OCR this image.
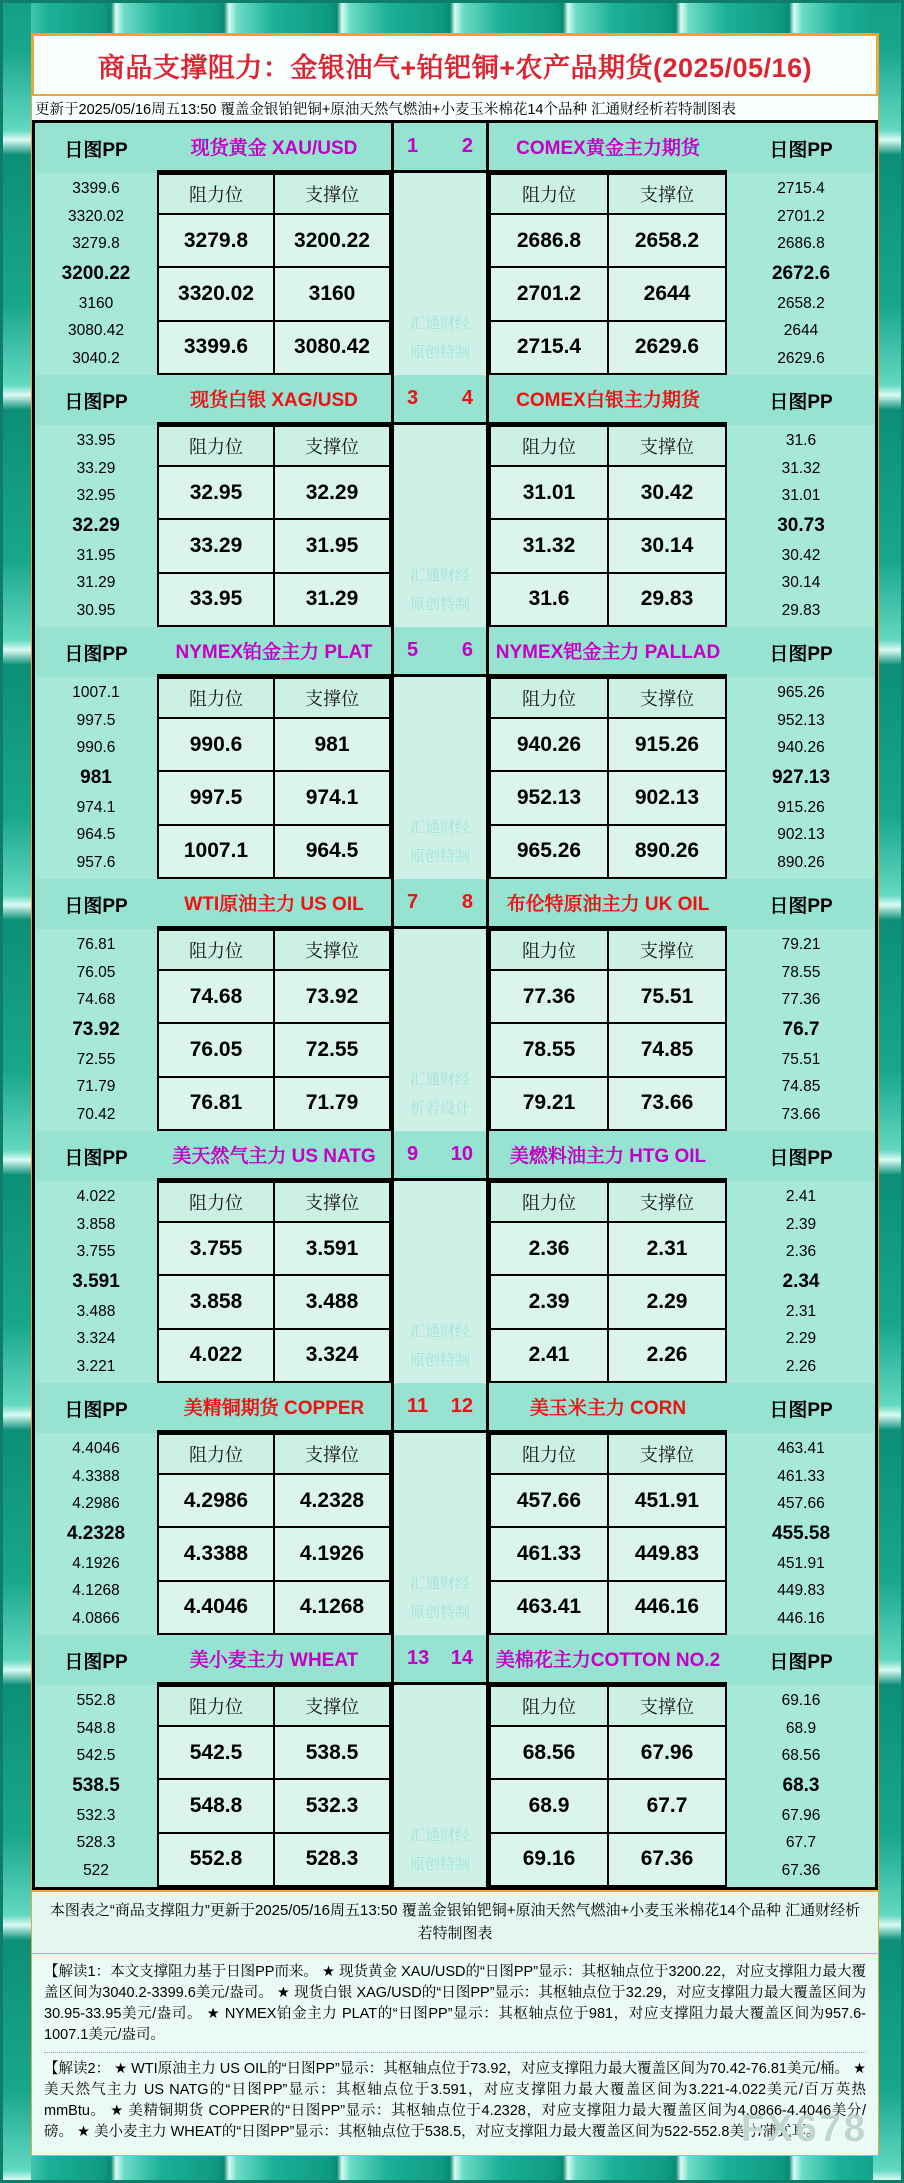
商品支撑阻力：金银油气+铂钯铜+农产品期货(2025/05/16)
更新于2025/05/16周五13:50 覆盖金银铂钯铜+原油天然气燃油+小麦玉米棉花14个品种 汇通财经析若特制图表
日图PP	现货黄金 XAU/USD	1 2	COMEX黄金主力期货	日图PP
3399.6
3320.02
3279.8
3200.22
3160
3080.42
3040.2
阻力位	支撑位
3279.8	3200.22
3320.02	3160
3399.6	3080.42
汇通财经
原创特制
阻力位	支撑位
2686.8	2658.2
2701.2	2644
2715.4	2629.6
2715.4
2701.2
2686.8
2672.6
2658.2
2644
2629.6
日图PP	现货白银 XAG/USD	3 4	COMEX白银主力期货	日图PP
33.95
33.29
32.95
32.29
31.95
31.29
30.95
阻力位	支撑位
32.95	32.29
33.29	31.95
33.95	31.29
汇通财经
原创特制
阻力位	支撑位
31.01	30.42
31.32	30.14
31.6	29.83
31.6
31.32
31.01
30.73
30.42
30.14
29.83
日图PP	NYMEX铂金主力 PLAT	5 6	NYMEX钯金主力 PALLAD	日图PP
1007.1
997.5
990.6
981
974.1
964.5
957.6
阻力位	支撑位
990.6	981
997.5	974.1
1007.1	964.5
汇通财经
原创特制
阻力位	支撑位
940.26	915.26
952.13	902.13
965.26	890.26
965.26
952.13
940.26
927.13
915.26
902.13
890.26
日图PP	WTI原油主力 US OIL	7 8	布伦特原油主力 UK OIL	日图PP
76.81
76.05
74.68
73.92
72.55
71.79
70.42
阻力位	支撑位
74.68	73.92
76.05	72.55
76.81	71.79
汇通财经
析若设计
阻力位	支撑位
77.36	75.51
78.55	74.85
79.21	73.66
79.21
78.55
77.36
76.7
75.51
74.85
73.66
日图PP	美天然气主力 US NATG	9 10	美燃料油主力 HTG OIL	日图PP
4.022
3.858
3.755
3.591
3.488
3.324
3.221
阻力位	支撑位
3.755	3.591
3.858	3.488
4.022	3.324
汇通财经
原创特制
阻力位	支撑位
2.36	2.31
2.39	2.29
2.41	2.26
2.41
2.39
2.36
2.34
2.31
2.29
2.26
日图PP	美精铜期货 COPPER	11 12	美玉米主力 CORN	日图PP
4.4046
4.3388
4.2986
4.2328
4.1926
4.1268
4.0866
阻力位	支撑位
4.2986	4.2328
4.3388	4.1926
4.4046	4.1268
汇通财经
原创特制
阻力位	支撑位
457.66	451.91
461.33	449.83
463.41	446.16
463.41
461.33
457.66
455.58
451.91
449.83
446.16
日图PP	美小麦主力 WHEAT	13 14	美棉花主力COTTON NO.2	日图PP
552.8
548.8
542.5
538.5
532.3
528.3
522
阻力位	支撑位
542.5	538.5
548.8	532.3
552.8	528.3
汇通财经
原创特制
阻力位	支撑位
68.56	67.96
68.9	67.7
69.16	67.36
69.16
68.9
68.56
68.3
67.96
67.7
67.36

本图表之“商品支撑阻力”更新于2025/05/16周五13:50 覆盖金银铂钯铜+原油天然气燃油+小麦玉米棉花14个品种 汇通财经析若特制图表

【解读1：本文支撑阻力基于日图PP而来。 ★ 现货黄金 XAU/USD的“日图PP”显示：其枢轴点位于3200.22，对应支撑阻力最大覆盖区间为3040.2-3399.6美元/盎司。 ★ 现货白银 XAG/USD的“日图PP”显示：其枢轴点位于32.29，对应支撑阻力最大覆盖区间为30.95-33.95美元/盎司。 ★ NYMEX铂金主力 PLAT的“日图PP”显示：其枢轴点位于981，对应支撑阻力最大覆盖区间为957.6-1007.1美元/盎司。

【解读2： ★ WTI原油主力 US OIL的“日图PP”显示：其枢轴点位于73.92，对应支撑阻力最大覆盖区间为70.42-76.81美元/桶。 ★ 美天然气主力 US NATG的“日图PP”显示：其枢轴点位于3.591，对应支撑阻力最大覆盖区间为3.221-4.022美元/百万英热mmBtu。 ★ 美精铜期货 COPPER的“日图PP”显示：其枢轴点位于4.2328，对应支撑阻力最大覆盖区间为4.0866-4.4046美分/磅。 ★ 美小麦主力 WHEAT的“日图PP”显示：其枢轴点位于538.5，对应支撑阻力最大覆盖区间为522-552.8美分/蒲式耳。

FX678
